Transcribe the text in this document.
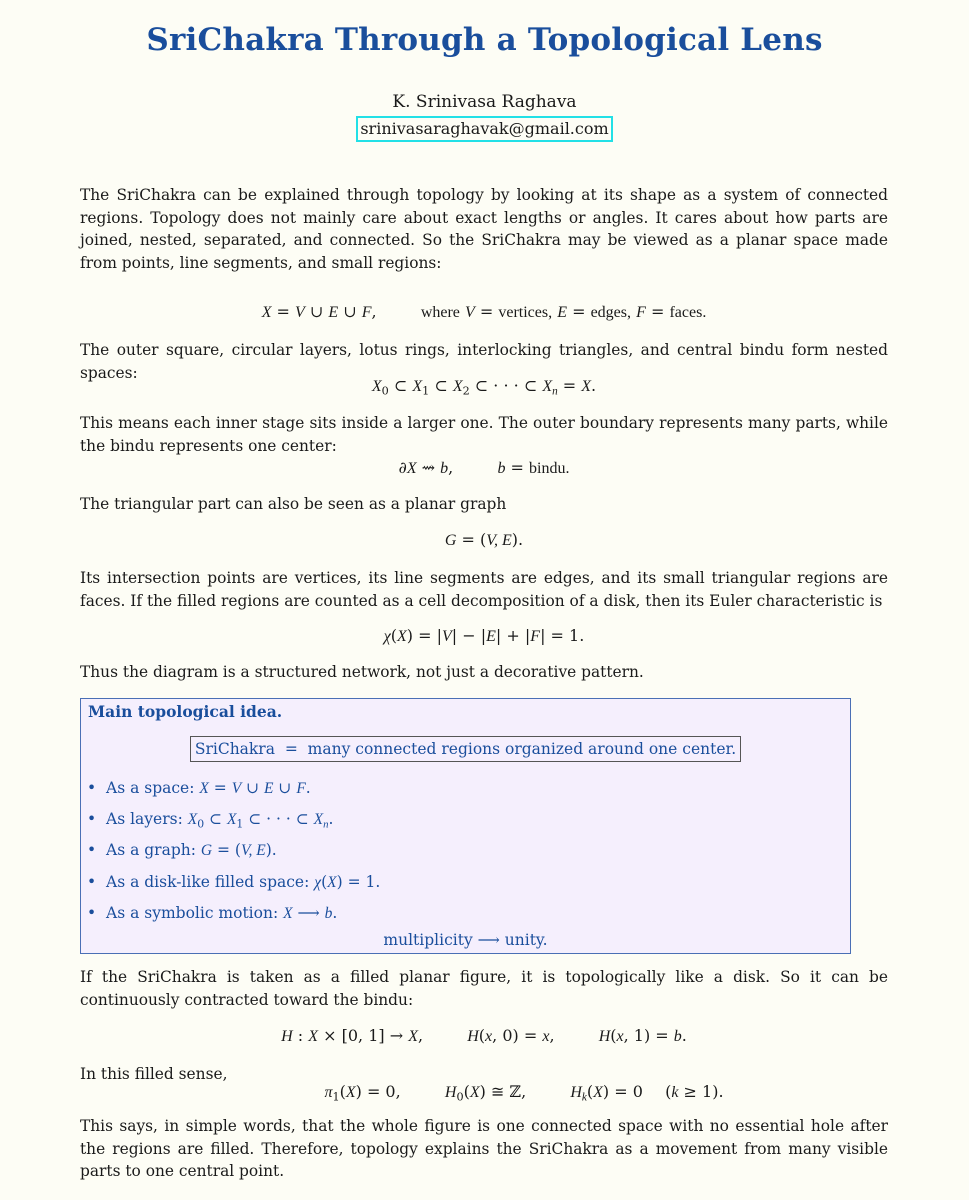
SriChakra Through a Topological Lens
K. Srinivasa Raghava
srinivasaraghavak@gmail.com

The SriChakra can be explained through topology by looking at its shape as a system of connected regions. Topology does not mainly care about exact lengths or angles. It cares about how parts are joined, nested, separated, and connected. So the SriChakra may be viewed as a planar space made from points, line segments, and small regions:

X = V ∪ E ∪ F,  where V = vertices, E = edges, F = faces.

The outer square, circular layers, lotus rings, interlocking triangles, and central bindu form nested spaces:

$X_0$ ⊂ $X_1$ ⊂ $X_2$ ⊂ · · · ⊂ $X_n = X$.

This means each inner stage sits inside a larger one. The outer boundary represents many parts, while the bindu represents one center:

∂X ⇝ b,  b = bindu.

The triangular part can also be seen as a planar graph

G = (V, E).

Its intersection points are vertices, its line segments are edges, and its small triangular regions are faces. If the filled regions are counted as a cell decomposition of a disk, then its Euler characteristic is

χ(X) = |V| − |E| + |F| = 1.

Thus the diagram is a structured network, not just a decorative pattern.

Main topological idea.
SriChakra  =  many connected regions organized around one center.
• As a space: X = V ∪ E ∪ F.
• As layers: $X_0$ ⊂ $X_1$ ⊂ · · · ⊂ $X_n$.
• As a graph: G = (V, E).
• As a disk-like filled space: χ(X) = 1.
• As a symbolic motion: X ⟶ b.
multiplicity ⟶ unity.

If the SriChakra is taken as a filled planar figure, it is topologically like a disk. So it can be continuously contracted toward the bindu:

H : X × [0, 1] → X,  H(x, 0) = x,  H(x, 1) = b.

In this filled sense,

$\pi_1(X) = 0$,  $H_0(X)$ ≅ ℤ,  $H_k(X) = 0$  (k ≥ 1).

This says, in simple words, that the whole figure is one connected space with no essential hole after the regions are filled. Therefore, topology explains the SriChakra as a movement from many visible parts to one central point.
